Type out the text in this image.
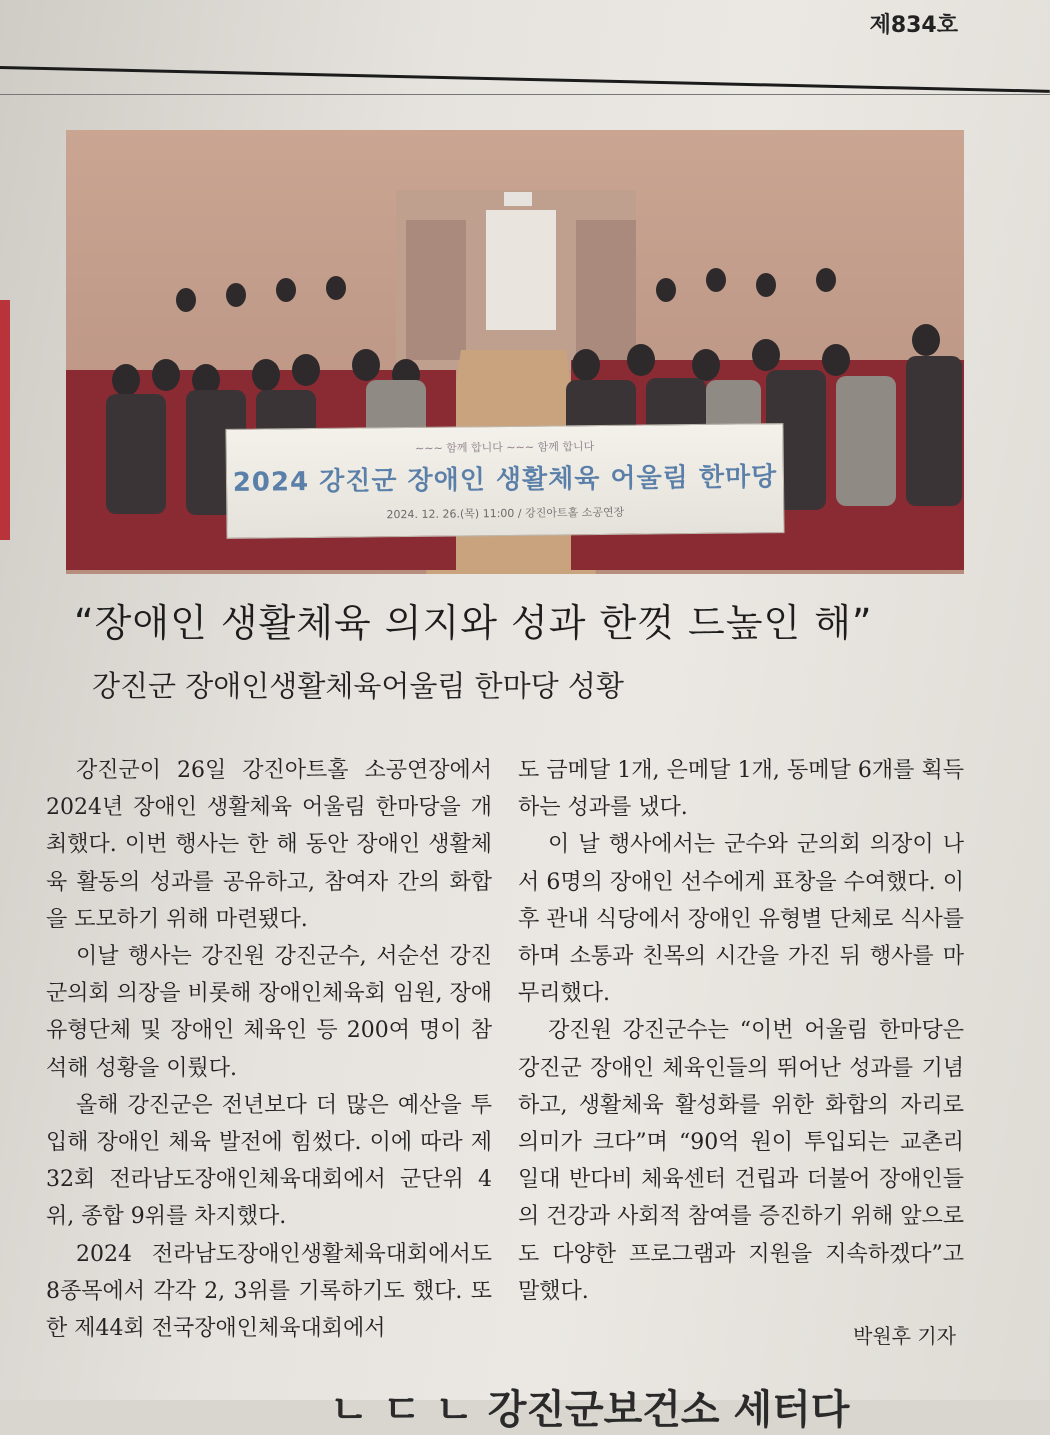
제834호
~~~ 함께 합니다 ~~~ 함께 합니다
2024 강진군 장애인 생활체육 어울림 한마당
2024. 12. 26.(목) 11:00 / 강진아트홀 소공연장
“장애인 생활체육 의지와 성과 한껏 드높인 해”
강진군 장애인생활체육어울림 한마당 성황

강진군이 26일 강진아트홀 소공연장에서 2024년 장애인 생활체육 어울림 한마당을 개최했다. 이번 행사는 한 해 동안 장애인 생활체육 활동의 성과를 공유하고, 참여자 간의 화합을 도모하기 위해 마련됐다.

이날 행사는 강진원 강진군수, 서순선 강진군의회 의장을 비롯해 장애인체육회 임원, 장애유형단체 및 장애인 체육인 등 200여 명이 참석해 성황을 이뤘다.

올해 강진군은 전년보다 더 많은 예산을 투입해 장애인 체육 발전에 힘썼다. 이에 따라 제32회 전라남도장애인체육대회에서 군단위 4위, 종합 9위를 차지했다.

2024 전라남도장애인생활체육대회에서도 8종목에서 각각 2, 3위를 기록하기도 했다. 또한 제44회 전국장애인체육대회에서

도 금메달 1개, 은메달 1개, 동메달 6개를 획득하는 성과를 냈다.

이 날 행사에서는 군수와 군의회 의장이 나서 6명의 장애인 선수에게 표창을 수여했다. 이후 관내 식당에서 장애인 유형별 단체로 식사를 하며 소통과 친목의 시간을 가진 뒤 행사를 마무리했다.

강진원 강진군수는 “이번 어울림 한마당은 강진군 장애인 체육인들의 뛰어난 성과를 기념하고, 생활체육 활성화를 위한 화합의 자리로 의미가 크다”며 “90억 원이 투입되는 교촌리 일대 반다비 체육센터 건립과 더불어 장애인들의 건강과 사회적 참여를 증진하기 위해 앞으로도 다양한 프로그램과 지원을 지속하겠다”고 말했다.

박원후 기자
ㄴ ㄷ ㄴ 강진군보건소 세터다
